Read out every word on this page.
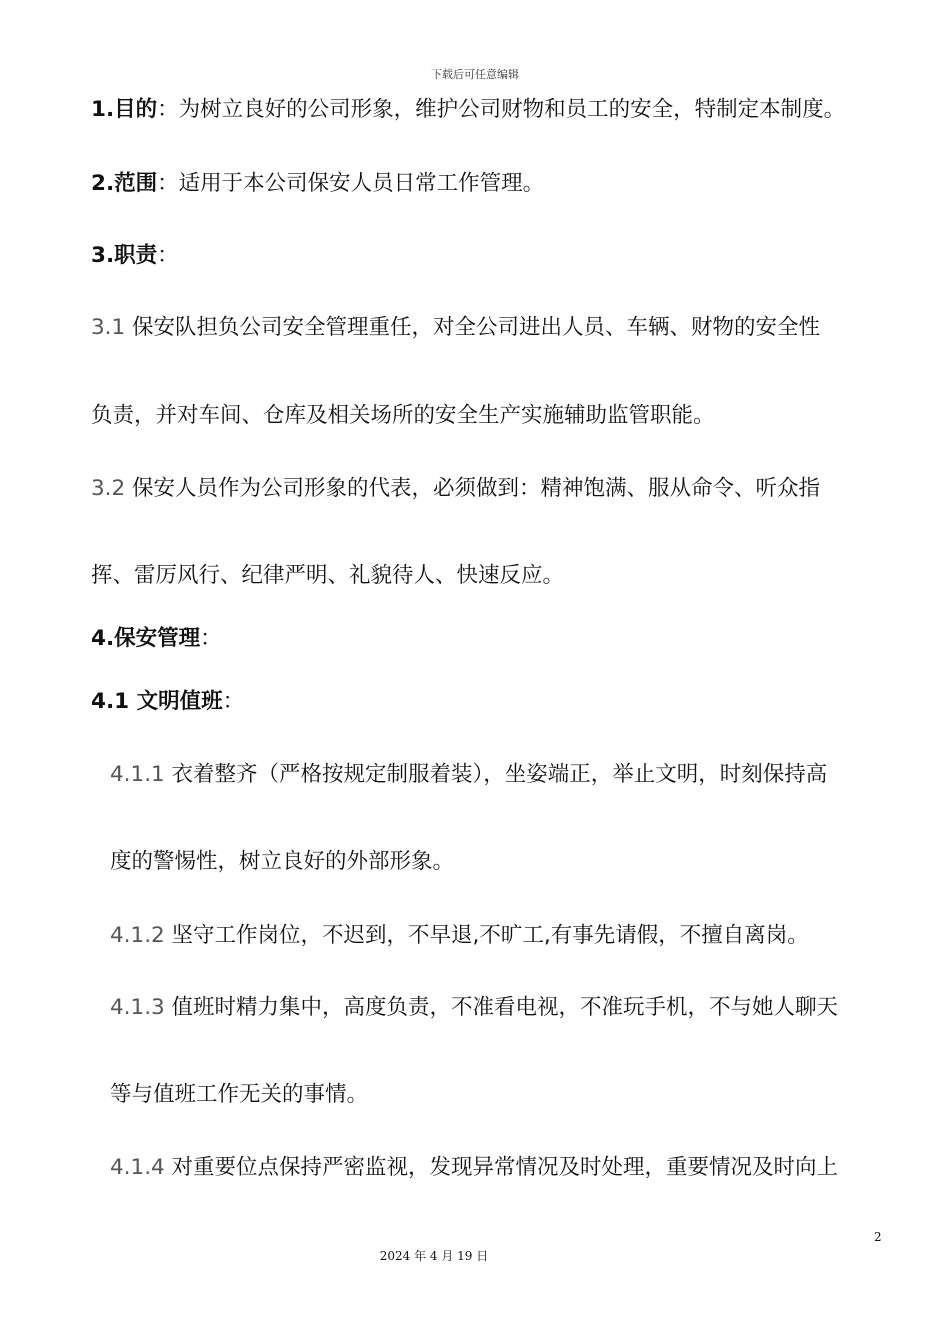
下载后可任意编辑
1.目的：为树立良好的公司形象，维护公司财物和员工的安全，特制定本制度。
2.范围：适用于本公司保安人员日常工作管理。
3.职责：
3.1 保安队担负公司安全管理重任，对全公司进出人员、车辆、财物的安全性
负责，并对车间、仓库及相关场所的安全生产实施辅助监管职能。
3.2 保安人员作为公司形象的代表，必须做到：精神饱满、服从命令、听众指
挥、雷厉风行、纪律严明、礼貌待人、快速反应。
4.保安管理：
4.1 文明值班：
4.1.1 衣着整齐（严格按规定制服着装），坐姿端正，举止文明，时刻保持高
度的警惕性，树立良好的外部形象。
4.1.2 坚守工作岗位，不迟到，不早退,不旷工,有事先请假，不擅自离岗。
4.1.3 值班时精力集中，高度负责，不准看电视，不准玩手机，不与她人聊天
等与值班工作无关的事情。
4.1.4 对重要位点保持严密监视，发现异常情况及时处理，重要情况及时向上
2
2024 年 4 月 19 日
